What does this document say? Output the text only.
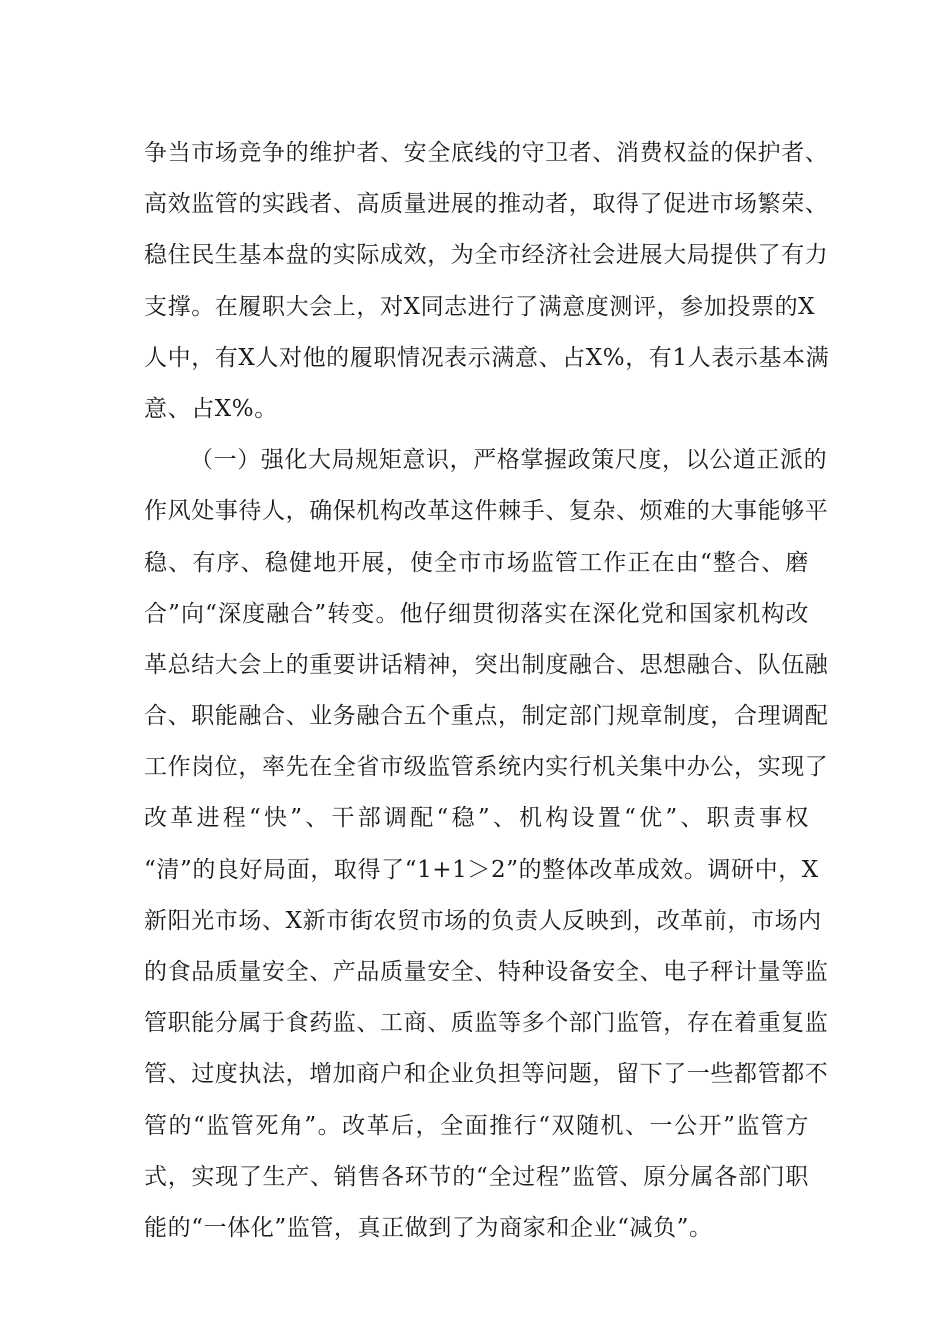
争当市场竞争的维护者、安全底线的守卫者、消费权益的保护者、
高效监管的实践者、高质量进展的推动者，取得了促进市场繁荣、
稳住民生基本盘的实际成效，为全市经济社会进展大局提供了有力
支撑。在履职大会上，对X同志进行了满意度测评，参加投票的X
人中，有X人对他的履职情况表示满意、占X%，有1人表示基本满
意、占X%。
（一）强化大局规矩意识，严格掌握政策尺度，以公道正派的
作风处事待人，确保机构改革这件棘手、复杂、烦难的大事能够平
稳、有序、稳健地开展，使全市市场监管工作正在由“整合、磨
合”向“深度融合”转变。他仔细贯彻落实在深化党和国家机构改
革总结大会上的重要讲话精神，突出制度融合、思想融合、队伍融
合、职能融合、业务融合五个重点，制定部门规章制度，合理调配
工作岗位，率先在全省市级监管系统内实行机关集中办公，实现了
改革进程“快”、干部调配“稳”、机构设置“优”、职责事权
“清”的良好局面，取得了“1+1＞2”的整体改革成效。调研中，X
新阳光市场、X新市街农贸市场的负责人反映到，改革前，市场内
的食品质量安全、产品质量安全、特种设备安全、电子秤计量等监
管职能分属于食药监、工商、质监等多个部门监管，存在着重复监
管、过度执法，增加商户和企业负担等问题，留下了一些都管都不
管的“监管死角”。改革后，全面推行“双随机、一公开”监管方
式，实现了生产、销售各环节的“全过程”监管、原分属各部门职
能的“一体化”监管，真正做到了为商家和企业“减负”。
